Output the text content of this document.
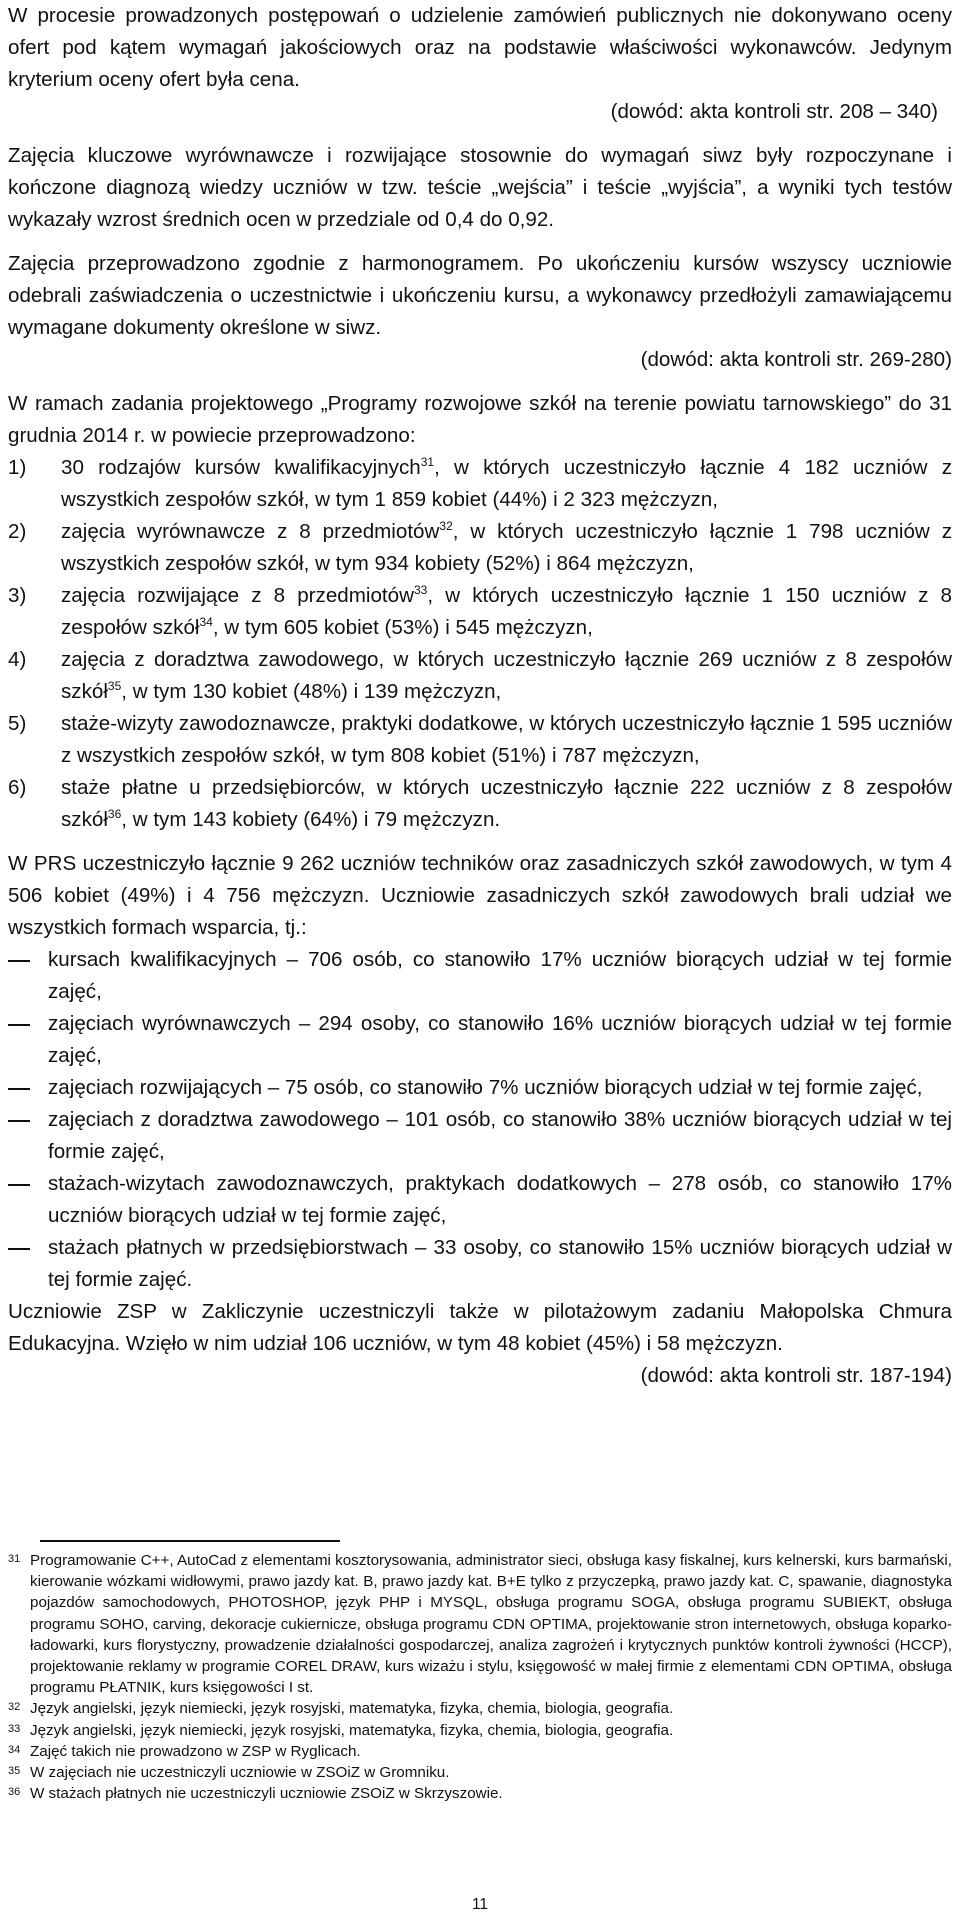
W procesie prowadzonych postępowań o udzielenie zamówień publicznych nie dokonywano oceny ofert pod kątem wymagań jakościowych oraz na podstawie właściwości wykonawców. Jedynym kryterium oceny ofert była cena.

(dowód: akta kontroli str. 208 – 340)

Zajęcia kluczowe wyrównawcze i rozwijające stosownie do wymagań siwz były rozpoczynane i kończone diagnozą wiedzy uczniów w tzw. teście „wejścia” i teście „wyjścia”, a wyniki tych testów wykazały wzrost średnich ocen w przedziale od 0,4 do 0,92.

Zajęcia przeprowadzono zgodnie z harmonogramem. Po ukończeniu kursów wszyscy uczniowie odebrali zaświadczenia o uczestnictwie i ukończeniu kursu, a wykonawcy przedłożyli zamawiającemu wymagane dokumenty określone w siwz.

(dowód: akta kontroli str. 269-280)

W ramach zadania projektowego „Programy rozwojowe szkół na terenie powiatu tarnowskiego” do 31 grudnia 2014 r. w powiecie przeprowadzono:

1) 30 rodzajów kursów kwalifikacyjnych$^{31}$, w których uczestniczyło łącznie 4 182 uczniów z wszystkich zespołów szkół, w tym 1 859 kobiet (44%) i 2 323 mężczyzn,
2) zajęcia wyrównawcze z 8 przedmiotów$^{32}$, w których uczestniczyło łącznie 1 798 uczniów z wszystkich zespołów szkół, w tym 934 kobiety (52%) i 864 mężczyzn,
3) zajęcia rozwijające z 8 przedmiotów$^{33}$, w których uczestniczyło łącznie 1 150 uczniów z 8 zespołów szkół$^{34}$, w tym 605 kobiet (53%) i 545 mężczyzn,
4) zajęcia z doradztwa zawodowego, w których uczestniczyło łącznie 269 uczniów z 8 zespołów szkół$^{35}$, w tym 130 kobiet (48%) i 139 mężczyzn,
5) staże-wizyty zawodoznawcze, praktyki dodatkowe, w których uczestniczyło łącznie 1 595 uczniów z wszystkich zespołów szkół, w tym 808 kobiet (51%) i 787 mężczyzn,
6) staże płatne u przedsiębiorców, w których uczestniczyło łącznie 222 uczniów z 8 zespołów szkół$^{36}$, w tym 143 kobiety (64%) i 79 mężczyzn.

W PRS uczestniczyło łącznie 9 262 uczniów techników oraz zasadniczych szkół zawodowych, w tym 4 506 kobiet (49%) i 4 756 mężczyzn. Uczniowie zasadniczych szkół zawodowych brali udział we wszystkich formach wsparcia, tj.:

kursach kwalifikacyjnych – 706 osób, co stanowiło 17% uczniów biorących udział w tej formie zajęć,
zajęciach wyrównawczych – 294 osoby, co stanowiło 16% uczniów biorących udział w tej formie zajęć,
zajęciach rozwijających – 75 osób, co stanowiło 7% uczniów biorących udział w tej formie zajęć,
zajęciach z doradztwa zawodowego – 101 osób, co stanowiło 38% uczniów biorących udział w tej formie zajęć,
stażach-wizytach zawodoznawczych, praktykach dodatkowych – 278 osób, co stanowiło 17% uczniów biorących udział w tej formie zajęć,
stażach płatnych w przedsiębiorstwach – 33 osoby, co stanowiło 15% uczniów biorących udział w tej formie zajęć.

Uczniowie ZSP w Zakliczynie uczestniczyli także w pilotażowym zadaniu Małopolska Chmura Edukacyjna. Wzięło w nim udział 106 uczniów, w tym 48 kobiet (45%) i 58 mężczyzn.

(dowód: akta kontroli str. 187-194)

31 Programowanie C++, AutoCad z elementami kosztorysowania, administrator sieci, obsługa kasy fiskalnej, kurs kelnerski, kurs barmański, kierowanie wózkami widłowymi, prawo jazdy kat. B, prawo jazdy kat. B+E tylko z przyczepką, prawo jazdy kat. C, spawanie, diagnostyka pojazdów samochodowych, PHOTOSHOP, język PHP i MYSQL, obsługa programu SOGA, obsługa programu SUBIEKT, obsługa programu SOHO, carving, dekoracje cukiernicze, obsługa programu CDN OPTIMA, projektowanie stron internetowych, obsługa koparko-ładowarki, kurs florystyczny, prowadzenie działalności gospodarczej, analiza zagrożeń i krytycznych punktów kontroli żywności (HCCP), projektowanie reklamy w programie COREL DRAW, kurs wizażu i stylu, księgowość w małej firmie z elementami CDN OPTIMA, obsługa programu PŁATNIK, kurs księgowości I st.
32 Język angielski, język niemiecki, język rosyjski, matematyka, fizyka, chemia, biologia, geografia.
33 Język angielski, język niemiecki, język rosyjski, matematyka, fizyka, chemia, biologia, geografia.
34 Zajęć takich nie prowadzono w ZSP w Ryglicach.
35 W zajęciach nie uczestniczyli uczniowie w ZSOiZ w Gromniku.
36 W stażach płatnych nie uczestniczyli uczniowie ZSOiZ w Skrzyszowie.
11
